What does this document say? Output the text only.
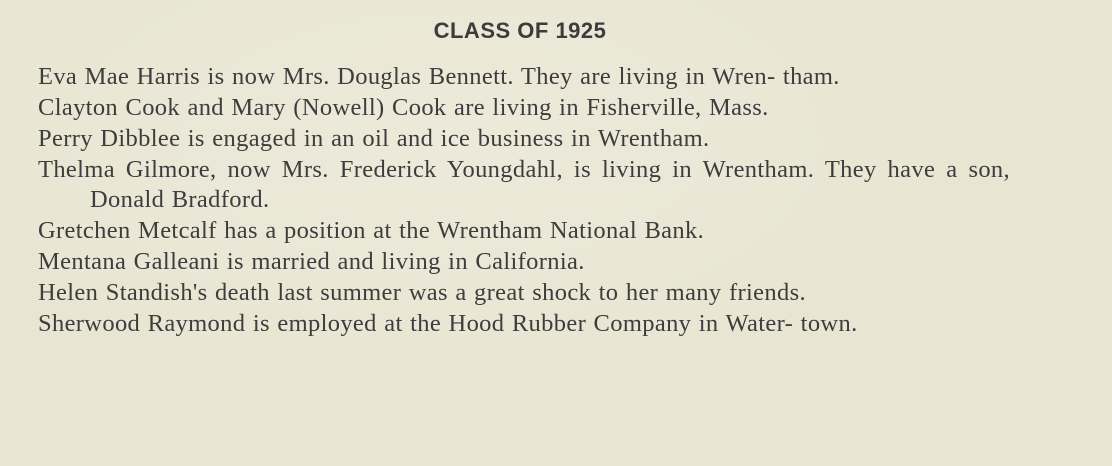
CLASS OF 1925
Eva Mae Harris is now Mrs. Douglas Bennett. They are living in Wren- tham.
Clayton Cook and Mary (Nowell) Cook are living in Fisherville, Mass.
Perry Dibblee is engaged in an oil and ice business in Wrentham.
Thelma Gilmore, now Mrs. Frederick Youngdahl, is living in Wrentham. They have a son, Donald Bradford.
Gretchen Metcalf has a position at the Wrentham National Bank.
Mentana Galleani is married and living in California.
Helen Standish's death last summer was a great shock to her many friends.
Sherwood Raymond is employed at the Hood Rubber Company in Water- town.
